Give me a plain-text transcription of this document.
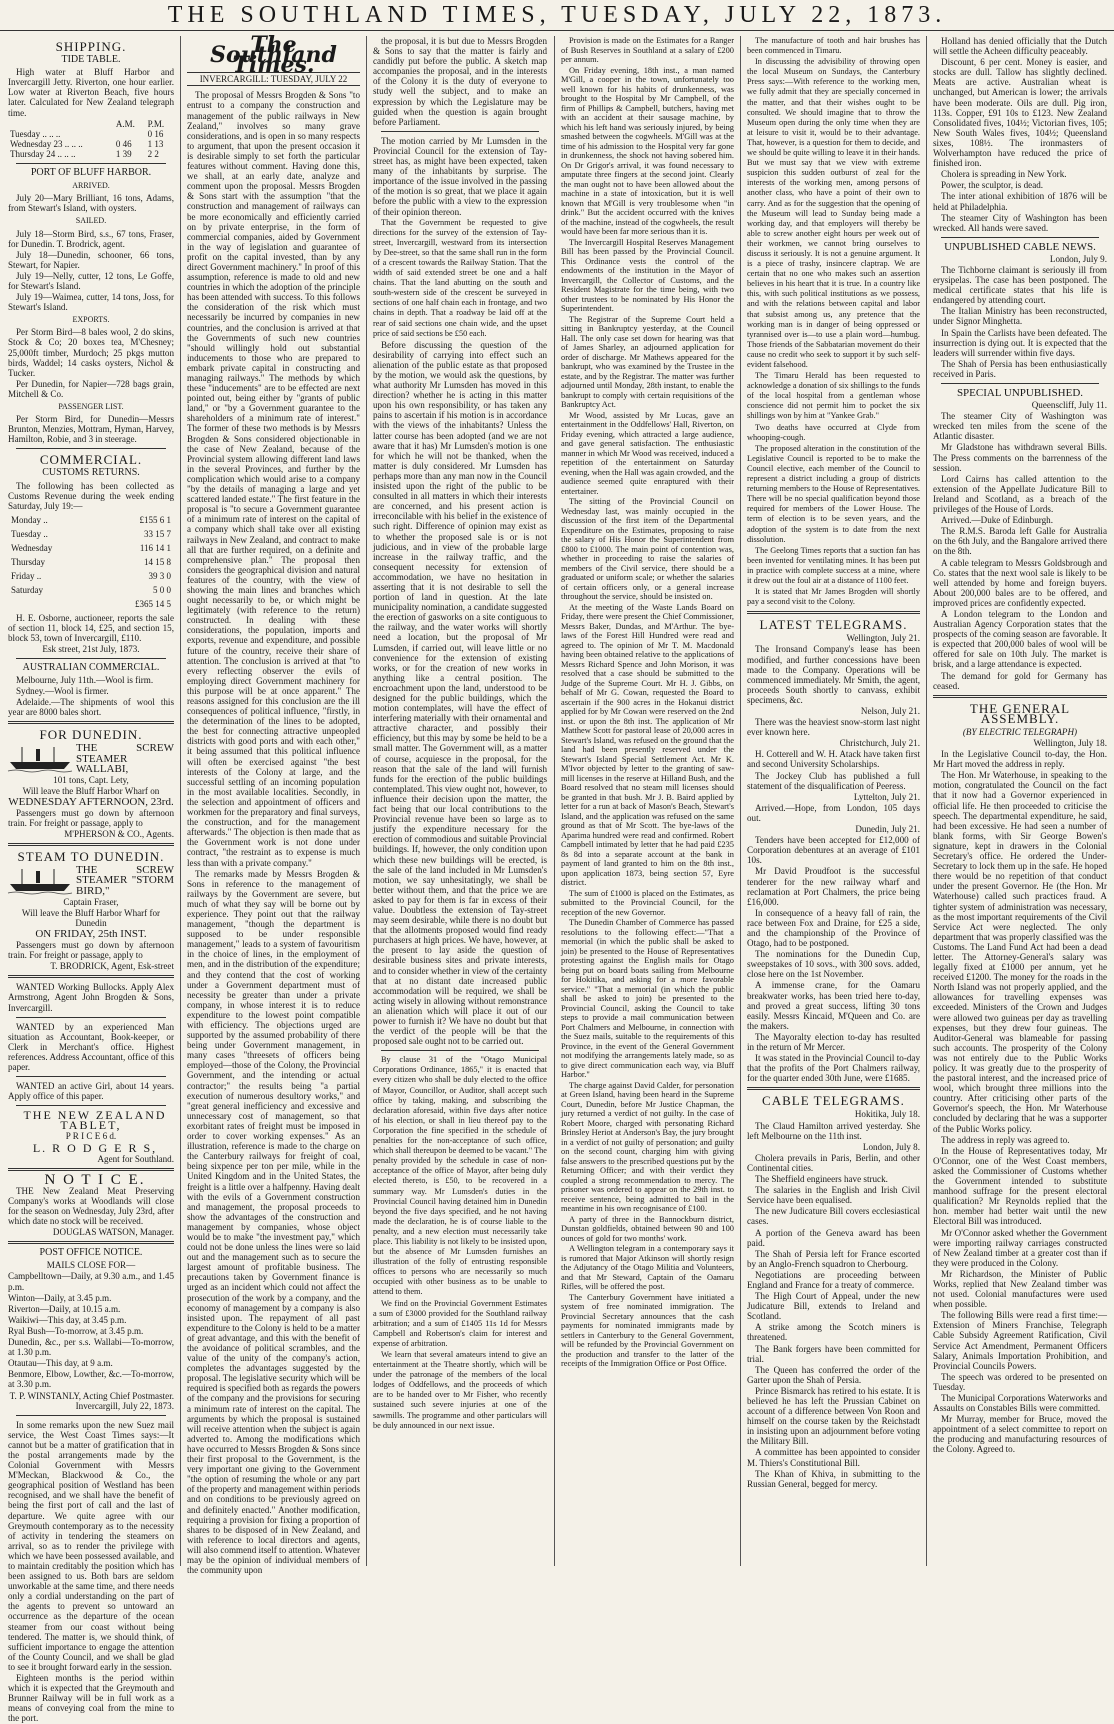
THE SOUTHLAND TIMES, TUESDAY, JULY 22, 1873.
SHIPPING.
TIDE TABLE.

High water at Bluff Harbor and Invercargill Jetty. Riverton, one hour earlier. Low water at Riverton Beach, five hours later. Calculated for New Zealand telegraph time.

	A.M.	P.M.
Tuesday .. .. ..		0 16
Wednesday 23 .. .. ..	0 46	1 13
Thursday 24 .. .. ..	1 39	2 2
PORT OF BLUFF HARBOR.
ARRIVED.

July 20—Mary Brilliant, 16 tons, Adams, from Stewart's Island, with oysters.

SAILED.

July 18—Storm Bird, s.s., 67 tons, Fraser, for Dunedin. T. Brodrick, agent.

July 18—Dunedin, schooner, 66 tons, Stewart, for Napier.

July 19—Nelly, cutter, 12 tons, Le Goffe, for Stewart's Island.

July 19—Waimea, cutter, 14 tons, Joss, for Stewart's Island.

EXPORTS.

Per Storm Bird—8 bales wool, 2 do skins, Stock & Co; 20 boxes tea, M'Chesney; 25,000ft timber, Murdoch; 25 pkgs mutton birds, Waddel; 14 casks oysters, Nichol & Tucker.

Per Dunedin, for Napier—728 bags grain, Mitchell & Co.

PASSENGER LIST.

Per Storm Bird, for Dunedin—Messrs Brunton, Menzies, Mottram, Hyman, Harvey, Hamilton, Robie, and 3 in steerage.

COMMERCIAL.
CUSTOMS RETURNS.

The following has been collected as Customs Revenue during the week ending Saturday, July 19:—

Monday ..	£155 6 1
Tuesday ..	33 15 7
Wednesday	116 14 1
Thursday	14 15 8
Friday ..	39 3 0
Saturday	5 0 0
	£365 14 5

H. E. Osborne, auctioneer, reports the sale of section 11, block 14, £25, and section 15, block 53, town of Invercargill, £110.

Esk street, 21st July, 1873.

AUSTRALIAN COMMERCIAL.

Melbourne, July 11th.—Wool is firm.

Sydney.—Wool is firmer.

Adelaide.—The shipments of wool this year are 8000 bales short.

FOR DUNEDIN.

THE SCREW STEAMER WALLABI,

101 tons, Capt. Lety,

Will leave the Bluff Harbor Wharf on

WEDNESDAY AFTERNOON, 23rd.

Passengers must go down by afternoon train. For freight or passage, apply to

M'PHERSON & CO., Agents.

STEAM TO DUNEDIN.

THE SCREW STEAMER "STORM BIRD,"

Captain Fraser,

Will leave the Bluff Harbor Wharf for Dunedin

ON FRIDAY, 25th INST.

Passengers must go down by afternoon train. For freight or passage, apply to

T. BRODRICK, Agent, Esk-street

WANTED Working Bullocks. Apply Alex Armstrong, Agent John Brogden & Sons, Invercargill.

WANTED by an experienced Man situation as Accountant, Book-keeper, or Clerk in Merchant's office. Highest references. Address Accountant, office of this paper.

WANTED an active Girl, about 14 years. Apply office of this paper.

THE NEW ZEALAND TABLET,

P R I C E 6 d.

L. R O D G E R S,

Agent for Southland.

N O T I C E.

THE New Zealand Meat Preserving Company's works at Woodlands will close for the season on Wednesday, July 23rd, after which date no stock will be received.

DOUGLAS WATSON, Manager.

POST OFFICE NOTICE.

MAILS CLOSE FOR—

Campbelltown—Daily, at 9.30 a.m., and 1.45 p.m.

Winton—Daily, at 3.45 p.m.

Riverton—Daily, at 10.15 a.m.

Waikiwi—This day, at 3.45 p.m.

Ryal Bush—To-morrow, at 3.45 p.m.

Dunedin, &c., per s.s. Wallabi—To-morrow, at 1.30 p.m.

Otautau—This day, at 9 a.m.

Benmore, Elbow, Lowther, &c.—To-morrow, at 3.30 p.m.

T. P. WINSTANLY, Acting Chief Postmaster. Invercargill, July 22, 1873.

In some remarks upon the new Suez mail service, the West Coast Times says:—It cannot but be a matter of gratification that in the postal arrangements made by the Colonial Government with Messrs M'Meckan, Blackwood & Co., the geographical position of Westland has been recognised, and we shall have the benefit of being the first port of call and the last of departure. We quite agree with our Greymouth contemporary as to the necessity of activity in tendering the steamers on arrival, so as to render the privilege with which we have been possessed available, and to maintain creditably the position which has been assigned to us. Both bars are seldom unworkable at the same time, and there needs only a cordial understanding on the part of the agents to prevent so untoward an occurrence as the departure of the ocean steamer from our coast without being tendered. The matter is, we should think, of sufficient importance to engage the attention of the County Council, and we shall be glad to see it brought forward early in the session.

Eighteen months is the period within which it is expected that the Greymouth and Brunner Railway will be in full work as a means of conveying coal from the mine to the port.

The Southland Times.
INVERCARGILL: TUESDAY, JULY 22

The proposal of Messrs Brogden & Sons "to entrust to a company the construction and management of the public railways in New Zealand," involves so many grave considerations, and is open in so many respects to argument, that upon the present occasion it is desirable simply to set forth the particular features without comment. Having done this, we shall, at an early date, analyze and comment upon the proposal. Messrs Brogden & Sons start with the assumption "that the construction and management of railways can be more economically and efficiently carried on by private enterprise, in the form of commercial companies, aided by Government in the way of legislation and guarantee of profit on the capital invested, than by any direct Government machinery." In proof of this assumption, reference is made to old and new countries in which the adoption of the principle has been attended with success. To this follows the consideration of the risk which must necessarily be incurred by companies in new countries, and the conclusion is arrived at that the Governments of such new countries "should willingly hold out substantial inducements to those who are prepared to embark private capital in constructing and managing railways." The methods by which these "inducements" are to be effected are next pointed out, being either by "grants of public land," or "by a Government guarantee to the shareholders of a minimum rate of interest." The former of these two methods is by Messrs Brogden & Sons considered objectionable in the case of New Zealand, because of the Provincial system allowing different land laws in the several Provinces, and further by the complication which would arise to a company "by the details of managing a large and yet scattered landed estate." The first feature in the proposal is "to secure a Government guarantee of a minimum rate of interest on the capital of a company which shall take over all existing railways in New Zealand, and contract to make all that are further required, on a definite and comprehensive plan." The proposal then considers the geographical division and natural features of the country, with the view of showing the main lines and branches which ought necessarily to be, or which might be legitimately (with reference to the return) constructed. In dealing with these considerations, the population, imports and exports, revenue and expenditure, and possible future of the country, receive their share of attention. The conclusion is arrived at that "to every reflecting observer the evils of employing direct Government machinery for this purpose will be at once apparent." The reasons assigned for this conclusion are the ill consequences of political influence, "firstly, in the determination of the lines to be adopted, the best for connecting attractive unpeopled districts with good ports and with each other," it being assumed that this political influence will often be exercised against "the best interests of the Colony at large, and the successful settling of an incoming population in the most available localities. Secondly, in the selection and appointment of officers and workmen for the preparatory and final surveys, the construction, and for the management afterwards." The objection is then made that as the Government work is not done under contract, "the restraint as to expense is much less than with a private company."

The remarks made by Messrs Brogden & Sons in reference to the management of railways by the Government are severe, but much of what they say will be borne out by experience. They point out that the railway management, "though the department is supposed to be under responsible management," leads to a system of favouritism in the choice of lines, in the employment of men, and in the distribution of the expenditure; and they contend that the cost of working under a Government department must of necessity be greater than under a private company, in whose interest it is to reduce expenditure to the lowest point compatible with efficiency. The objections urged are supported by the assumed probability of there being under Government management, in many cases "threesets of officers being employed—those of the Colony, the Provincial Government, and the intending or actual contractor;" the results being "a partial execution of numerous desultory works," and "great general inefficiency and excessive and unnecessary cost of management, so that exorbitant rates of freight must be imposed in order to cover working expenses." As an illustration, reference is made to the charge on the Canterbury railways for freight of coal, being sixpence per ton per mile, while in the United Kingdom and in the United States, the freight is a little over a halfpenny. Having dealt with the evils of a Government construction and management, the proposal proceeds to show the advantages of the construction and management by companies, whose object would be to make "the investment pay," which could not be done unless the lines were so laid out and the management such as to secure the largest amount of profitable business. The precautions taken by Government finance is urged as an incident which could not affect the prosecution of the work by a company, and the economy of management by a company is also insisted upon. The repayment of all past expenditure to the Colony is held to be a matter of great advantage, and this with the benefit of the avoidance of political scrambles, and the value of the unity of the company's action, completes the advantages suggested by the proposal. The legislative security which will be required is specified both as regards the powers of the company and the provisions for securing a minimum rate of interest on the capital. The arguments by which the proposal is sustained will receive attention when the subject is again adverted to. Among the modifications which have occurred to Messrs Brogden & Sons since their first proposal to the Government, is the very important one giving to the Government "the option of resuming the whole or any part of the property and management within periods and on conditions to be previously agreed on and definitely enacted." Another modification, requiring a provision for fixing a proportion of shares to be disposed of in New Zealand, and with reference to local directors and agents, will also commend itself to attention. Whatever may be the opinion of individual members of the community upon

the proposal, it is but due to Messrs Brogden & Sons to say that the matter is fairly and candidly put before the public. A sketch map accompanies the proposal, and in the interests of the Colony it is the duty of everyone to study well the subject, and to make an expression by which the Legislature may be guided when the question is again brought before Parliament.

The motion carried by Mr Lumsden in the Provincial Council for the extension of Tay-street has, as might have been expected, taken many of the inhabitants by surprise. The importance of the issue involved in the passing of the motion is so great, that we place it again before the public with a view to the expression of their opinion thereon.

That the Government be requested to give directions for the survey of the extension of Tay-street, Invercargill, westward from its intersection by Dee-street, so that the same shall run in the form of a crescent towards the Railway Station. That the width of said extended street be one and a half chains. That the land abutting on the south and south-western side of the crescent be surveyed in sections of one half chain each in frontage, and two chains in depth. That a roadway be laid off at the rear of said sections one chain wide, and the upset price of said sections be £50 each.

Before discussing the question of the desirability of carrying into effect such an alienation of the public estate as that proposed by the motion, we would ask the questions, by what authority Mr Lumsden has moved in this direction? whether he is acting in this matter upon his own responsibility, or has taken any pains to ascertain if his motion is in accordance with the views of the inhabitants? Unless the latter course has been adopted (and we are not aware that it has) Mr Lumsden's motion is one for which he will not be thanked, when the matter is duly considered. Mr Lumsden has perhaps more than any man now in the Council insisted upon the right of the public to be consulted in all matters in which their interests are concerned, and his present action is irreconcilable with his belief in the existence of such right. Difference of opinion may exist as to whether the proposed sale is or is not judicious, and in view of the probable large increase in the railway traffic, and the consequent necessity for extension of accommodation, we have no hesitation in asserting that it is not desirable to sell the portion of land in question. At the late municipality nomination, a candidate suggested the erection of gasworks on a site contiguous to the railway, and the water works will shortly need a location, but the proposal of Mr Lumsden, if carried out, will leave little or no convenience for the extension of existing works, or for the creation of new works in anything like a central position. The encroachment upon the land, understood to be designed for the public buildings, which the motion contemplates, will have the effect of interfering materially with their ornamental and attractive character, and possibly their efficiency, but this may by some be held to be a small matter. The Government will, as a matter of course, acquiesce in the proposal, for the reason that the sale of the land will furnish funds for the erection of the public buildings contemplated. This view ought not, however, to influence their decision upon the matter, the fact being that our local contributions to the Provincial revenue have been so large as to justify the expenditure necessary for the erection of commodious and suitable Provincial buildings. If, however, the only condition upon which these new buildings will be erected, is the sale of the land included in Mr Lumsden's motion, we say unhesitatingly, we shall be better without them, and that the price we are asked to pay for them is far in excess of their value. Doubtless the extension of Tay-street may seem desirable, while there is no doubt but that the allotments proposed would find ready purchasers at high prices. We have, however, at the present to lay aside the question of desirable business sites and private interests, and to consider whether in view of the certainty that at no distant date increased public accommodation will be required, we shall be acting wisely in allowing without remonstrance an alienation which will place it out of our power to furnish it? We have no doubt but that the verdict of the people will be that the proposed sale ought not to be carried out.

By clause 31 of the "Otago Municipal Corporations Ordinance, 1865," it is enacted that every citizen who shall be duly elected to the office of Mayor, Councillor, or Auditor, shall accept such office by taking, making, and subscribing the declaration aforesaid, within five days after notice of his election, or shall in lieu thereof pay to the Corporation the fine specified in the schedule of penalties for the non-acceptance of such office, which shall thereupon be deemed to be vacant." The penalty provided by the schedule in case of non-acceptance of the office of Mayor, after being duly elected thereto, is £50, to be recovered in a summary way. Mr Lumsden's duties in the Provincial Council having detained him in Dunedin beyond the five days specified, and he not having made the declaration, he is of course liable to the penalty, and a new election must necessarily take place. This liability is not likely to be insisted upon, but the absence of Mr Lumsden furnishes an illustration of the folly of entrusting responsible offices to persons who are necessarily so much occupied with other business as to be unable to attend to them.

We find on the Provincial Government Estimates a sum of £3000 provided for the Southland railway arbitration; and a sum of £1405 11s 1d for Messrs Campbell and Robertson's claim for interest and expense of arbitration.

We learn that several amateurs intend to give an entertainment at the Theatre shortly, which will be under the patronage of the members of the local lodges of Oddfellows, and the proceeds of which are to be handed over to Mr Fisher, who recently sustained such severe injuries at one of the sawmills. The programme and other particulars will be duly announced in our next issue.

Provision is made on the Estimates for a Ranger of Bush Reserves in Southland at a salary of £200 per annum.

On Friday evening, 18th inst., a man named M'Gill, a cooper in the town, unfortunately too well known for his habits of drunkenness, was brought to the Hospital by Mr Campbell, of the firm of Phillips & Campbell, butchers, having met with an accident at their sausage machine, by which his left hand was seriously injured, by being smashed between the cogwheels. M'Gill was at the time of his admission to the Hospital very far gone in drunkenness, the shock not having sobered him. On Dr Grigor's arrival, it was found necessary to amputate three fingers at the second joint. Clearly the man ought not to have been allowed about the machine in a state of intoxication, but it is well known that M'Gill is very troublesome when "in drink." But the accident occurred with the knives of the machine, instead of the cogwheels, the result would have been far more serious than it is.

The Invercargill Hospital Reserves Management Bill has been passed by the Provincial Council. This Ordinance vests the control of the endowments of the institution in the Mayor of Invercargill, the Collector of Customs, and the Resident Magistrate for the time being, with two other trustees to be nominated by His Honor the Superintendent.

The Registrar of the Supreme Court held a sitting in Bankruptcy yesterday, at the Council Hall. The only case set down for hearing was that of James Sharley, an adjourned application for order of discharge. Mr Mathews appeared for the bankrupt, who was examined by the Trustee in the estate, and by the Registrar. The matter was further adjourned until Monday, 28th instant, to enable the bankrupt to comply with certain requisitions of the Bankruptcy Act.

Mr Wood, assisted by Mr Lucas, gave an entertainment in the Oddfellows' Hall, Riverton, on Friday evening, which attracted a large audience, and gave general satisfaction. The enthusiastic manner in which Mr Wood was received, induced a repetition of the entertainment on Saturday evening, when the Hall was again crowded, and the audience seemed quite enraptured with their entertainer.

The sitting of the Provincial Council on Wednesday last, was mainly occupied in the discussion of the first item of the Departmental Expenditure on the Estimates, proposing to raise the salary of His Honor the Superintendent from £800 to £1000. The main point of contention was, whether in proceeding to raise the salaries of members of the Civil service, there should be a graduated or uniform scale; or whether the salaries of certain officers only, or a general increase throughout the service, should be insisted on.

At the meeting of the Waste Lands Board on Friday, there were present the Chief Commissioner, Messrs Baker, Dundas, and M'Arthur. The bye-laws of the Forest Hill Hundred were read and agreed to. The opinion of Mr T. M. Macdonald having been obtained relative to the applications of Messrs Richard Spence and John Morison, it was resolved that a case should be submitted to the Judge of the Supreme Court. Mr H. J. Gibbs, on behalf of Mr G. Cowan, requested the Board to ascertain if the 900 acres in the Hokanui district applied for by Mr Cowan were reserved on the 2nd inst. or upon the 8th inst. The application of Mr Matthew Scott for pastoral lease of 20,000 acres in Stewart's Island, was refused on the ground that the land had been presently reserved under the Stewart's Island Special Settlement Act. Mr K. M'Ivor objected by letter to the granting of saw-mill licenses in the reserve at Hilland Bush, and the Board resolved that no steam mill licenses should be granted in that bush. Mr J. B. Baird applied by letter for a run at back of Mason's Beach, Stewart's Island, and the application was refused on the same ground as that of Mr Scott. The bye-laws of the Aparima hundred were read and confirmed. Robert Campbell intimated by letter that he had paid £235 8s 8d into a separate account at the bank in payment of land granted to him on the 8th inst., upon application 1873, being section 57, Eyre district.

The sum of £1000 is placed on the Estimates, as submitted to the Provincial Council, for the reception of the new Governor.

The Dunedin Chamber of Commerce has passed resolutions to the following effect:—"That a memorial (in which the public shall be asked to join) be presented to the House of Representatives protesting against the English mails for Otago being put on board boats sailing from Melbourne for Hokitika, and asking for a more favorable service." "That a memorial (in which the public shall be asked to join) be presented to the Provincial Council, asking the Council to take steps to provide a mail communication between Port Chalmers and Melbourne, in connection with the Suez mails, suitable to the requirements of this Province, in the event of the General Government not modifying the arrangements lately made, so as to give direct communication each way, via Bluff Harbor."

The charge against David Calder, for personation at Green Island, having been heard in the Supreme Court, Dunedin, before Mr Justice Chapman, the jury returned a verdict of not guilty. In the case of Robert Moore, charged with personating Richard Brinsley Heriot at Anderson's Bay, the jury brought in a verdict of not guilty of personation; and guilty on the second count, charging him with giving false answers to the prescribed questions put by the Returning Officer; and with their verdict they coupled a strong recommendation to mercy. The prisoner was ordered to appear on the 29th inst. to receive sentence, being admitted to bail in the meantime in his own recognisance of £100.

A party of three in the Bannockburn district, Dunstan goldfields, obtained between 90 and 100 ounces of gold for two months' work.

A Wellington telegram in a contemporary says it is rumored that Major Atkinson will shortly resign the Adjutancy of the Otago Militia and Volunteers, and that Mr Steward, Captain of the Oamaru Rifles, will be offered the post.

The Canterbury Government have initiated a system of free nominated immigration. The Provincial Secretary announces that the cash payments for nominated immigrants made by settlers in Canterbury to the General Government, will be refunded by the Provincial Government on the production and transfer to the latter of the receipts of the Immigration Office or Post Office.

The manufacture of tooth and hair brushes has been commenced in Timaru.

In discussing the advisibility of throwing open the local Museum on Sundays, the Canterbury Press says:—With reference to the working men, we fully admit that they are specially concerned in the matter, and that their wishes ought to be consulted. We should imagine that to throw the Museum open during the only time when they are at leisure to visit it, would be to their advantage. That, however, is a question for them to decide, and we should be quite willing to leave it in their hands. But we must say that we view with extreme suspicion this sudden outburst of zeal for the interests of the working men, among persons of another class, who have a point of their own to carry. And as for the suggestion that the opening of the Museum will lead to Sunday being made a working day, and that employers will thereby be able to screw another eight hours per week out of their workmen, we cannot bring ourselves to discuss it seriously. It is not a genuine argument. It is a piece of trashy, insincere claptrap. We are certain that no one who makes such an assertion believes in his heart that it is true. In a country like this, with such political institutions as we possess, and with the relations between capital and labor that subsist among us, any pretence that the working man is in danger of being oppressed or tyrannised over is—to use a plain word—humbug. Those friends of the Sabbatarian movement do their cause no credit who seek to support it by such self-evident falsehood.

The Timaru Herald has been requested to acknowledge a donation of six shillings to the funds of the local hospital from a gentleman whose conscience did not permit him to pocket the six shillings won by him at "Yankee Grab."

Two deaths have occurred at Clyde from whooping-cough.

The proposed alteration in the constitution of the Legislative Council is reported to be to make the Council elective, each member of the Council to represent a district including a group of districts returning members to the House of Representatives. There will be no special qualification beyond those required for members of the Lower House. The term of election is to be seven years, and the adoption of the system is to date from the next dissolution.

The Geelong Times reports that a suction fan has been invented for ventilating mines. It has been put in practice with complete success at a mine, where it drew out the foul air at a distance of 1100 feet.

It is stated that Mr James Brogden will shortly pay a second visit to the Colony.

LATEST TELEGRAMS.

Wellington, July 21.

The Ironsand Company's lease has been modified, and further concessions have been made to the Company. Operations will be commenced immediately. Mr Smith, the agent, proceeds South shortly to canvass, exhibit specimens, &c.

Nelson, July 21.

There was the heaviest snow-storm last night ever known here.

Christchurch, July 21.

H. Cotterell and W. H. Atack have taken first and second University Scholarships.

The Jockey Club has published a full statement of the disqualification of Peeress.

Lyttelton, July 21.

Arrived.—Hope, from London, 105 days out.

Dunedin, July 21.

Tenders have been accepted for £12,000 of Corporation debentures at an average of £101 10s.

Mr David Proudfoot is the successful tenderer for the new railway wharf and reclamation at Port Chalmers, the price being £16,000.

In consequence of a heavy fall of rain, the race between Fox and Draine, for £25 a side, and the championship of the Province of Otago, had to be postponed.

The nominations for the Dunedin Cup, sweepstakes of 10 sovs., with 300 sovs. added, close here on the 1st November.

A immense crane, for the Oamaru breakwater works, has been tried here to-day, and proved a great success, lifting 30 tons easily. Messrs Kincaid, M'Queen and Co. are the makers.

The Mayoralty election to-day has resulted in the return of Mr Mercer.

It was stated in the Provincial Council to-day that the profits of the Port Chalmers railway, for the quarter ended 30th June, were £1685.

CABLE TELEGRAMS.

Hokitika, July 18.

The Claud Hamilton arrived yesterday. She left Melbourne on the 11th inst.

London, July 8.

Cholera prevails in Paris, Berlin, and other Continental cities.

The Sheffield engineers have struck.

The salaries in the English and Irish Civil Service have been equalised.

The new Judicature Bill covers ecclesiastical cases.

A portion of the Geneva award has been paid.

The Shah of Persia left for France escorted by an Anglo-French squadron to Cherbourg.

Negotiations are proceeding between England and France for a treaty of commerce.

The High Court of Appeal, under the new Judicature Bill, extends to Ireland and Scotland.

A strike among the Scotch miners is threatened.

The Bank forgers have been committed for trial.

The Queen has conferred the order of the Garter upon the Shah of Persia.

Prince Bismarck has retired to his estate. It is believed he has left the Prussian Cabinet on account of a difference between Von Roon and himself on the course taken by the Reichstadt in insisting upon an adjournment before voting the Military Bill.

A committee has been appointed to consider M. Thiers's Constitutional Bill.

The Khan of Khiva, in submitting to the Russian General, begged for mercy.

Holland has denied officially that the Dutch will settle the Acheen difficulty peaceably.

Discount, 6 per cent. Money is easier, and stocks are dull. Tallow has slightly declined. Meats are active. Australian wheat is unchanged, but American is lower; the arrivals have been moderate. Oils are dull. Pig iron, 113s. Copper, £91 10s to £123. New Zealand Consolidated fives, 104½; Victorian fives, 105; New South Wales fives, 104½; Queensland sixes, 108½. The ironmasters of Wolverhampton have reduced the price of finished iron.

Cholera is spreading in New York.

Power, the sculptor, is dead.

The inter ational exhibition of 1876 will be held at Philadelphia.

The steamer City of Washington has been wrecked. All hands were saved.

UNPUBLISHED CABLE NEWS.

London, July 9.

The Tichborne claimant is seriously ill from erysipelas. The case has been postponed. The medical certificate states that his life is endangered by attending court.

The Italian Ministry has been reconstructed, under Signor Minghetta.

In Spain the Carlists have been defeated. The insurrection is dying out. It is expected that the leaders will surrender within five days.

The Shah of Persia has been enthusiastically received in Paris.

SPECIAL UNPUBLISHED.

Queenscliff, July 11.

The steamer City of Washington was wrecked ten miles from the scene of the Atlantic disaster.

Mr Gladstone has withdrawn several Bills. The Press comments on the barrenness of the session.

Lord Cairns has called attention to the extension of the Appellate Judicature Bill to Ireland and Scotland, as a breach of the privileges of the House of Lords.

Arrived.—Duke of Edinburgh.

The R.M.S. Baroda left Galle for Australia on the 6th July, and the Bangalore arrived there on the 8th.

A cable telegram to Messrs Goldsbrough and Co. states that the next wool sale is likely to be well attended by home and foreign buyers. About 200,000 bales are to be offered, and improved prices are confidently expected.

A London telegram to the London and Australian Agency Corporation states that the prospects of the coming season are favorable. It is expected that 200,000 bales of wool will be offered for sale on 10th July. The market is brisk, and a large attendance is expected.

The demand for gold for Germany has ceased.

THE GENERAL ASSEMBLY.

(BY ELECTRIC TELEGRAPH)

Wellington, July 18.

In the Legislative Council to-day, the Hon. Mr Hart moved the address in reply.

The Hon. Mr Waterhouse, in speaking to the motion, congratulated the Council on the fact that it now had a Governor experienced in official life. He then proceeded to criticise the speech. The departmental expenditure, he said, had been excessive. He had seen a number of blank forms, with Sir George Bowen's signature, kept in drawers in the Colonial Secretary's office. He ordered the Under-Secretary to lock them up in the safe. He hoped there would be no repetition of that conduct under the present Governor. He (the Hon. Mr Waterhouse) called such practices fraud. A tighter system of administration was necessary, as the most important requirements of the Civil Service Act were neglected. The only department that was properly classified was the Customs. The Land Fund Act had been a dead letter. The Attorney-General's salary was legally fixed at £1000 per annum, yet he received £1200. The money for the roads in the North Island was not properly applied, and the allowances for travelling expenses was exceeded. Ministers of the Crown and Judges were allowed two guineas per day as travelling expenses, but they drew four guineas. The Auditor-General was blameable for passing such accounts. The prosperity of the Colony was not entirely due to the Public Works policy. It was greatly due to the prosperity of the pastoral interest, and the increased price of wool, which brought three millions into the country. After criticising other parts of the Governor's speech, the Hon. Mr Waterhouse concluded by declaring that he was a supporter of the Public Works policy.

The address in reply was agreed to.

In the House of Representatives today, Mr O'Connor, one of the West Coast members, asked the Commissioner of Customs whether the Government intended to substitute manhood suffrage for the present electoral qualification? Mr Reynolds replied that the hon. member had better wait until the new Electoral Bill was introduced.

Mr O'Connor asked whether the Government were importing railway carriages constructed of New Zealand timber at a greater cost than if they were produced in the Colony.

Mr Richardson, the Minister of Public Works, replied that New Zealand timber was not used. Colonial manufactures were used when possible.

The following Bills were read a first time:—Extension of Miners Franchise, Telegraph Cable Subsidy Agreement Ratification, Civil Service Act Amendment, Permanent Officers Salary, Animals Importation Prohibition, and Provincial Councils Powers.

The speech was ordered to be presented on Tuesday.

The Municipal Corporations Waterworks and Assaults on Constables Bills were committed.

Mr Murray, member for Bruce, moved the appointment of a select committee to report on the producing and manufacturing resources of the Colony. Agreed to.
